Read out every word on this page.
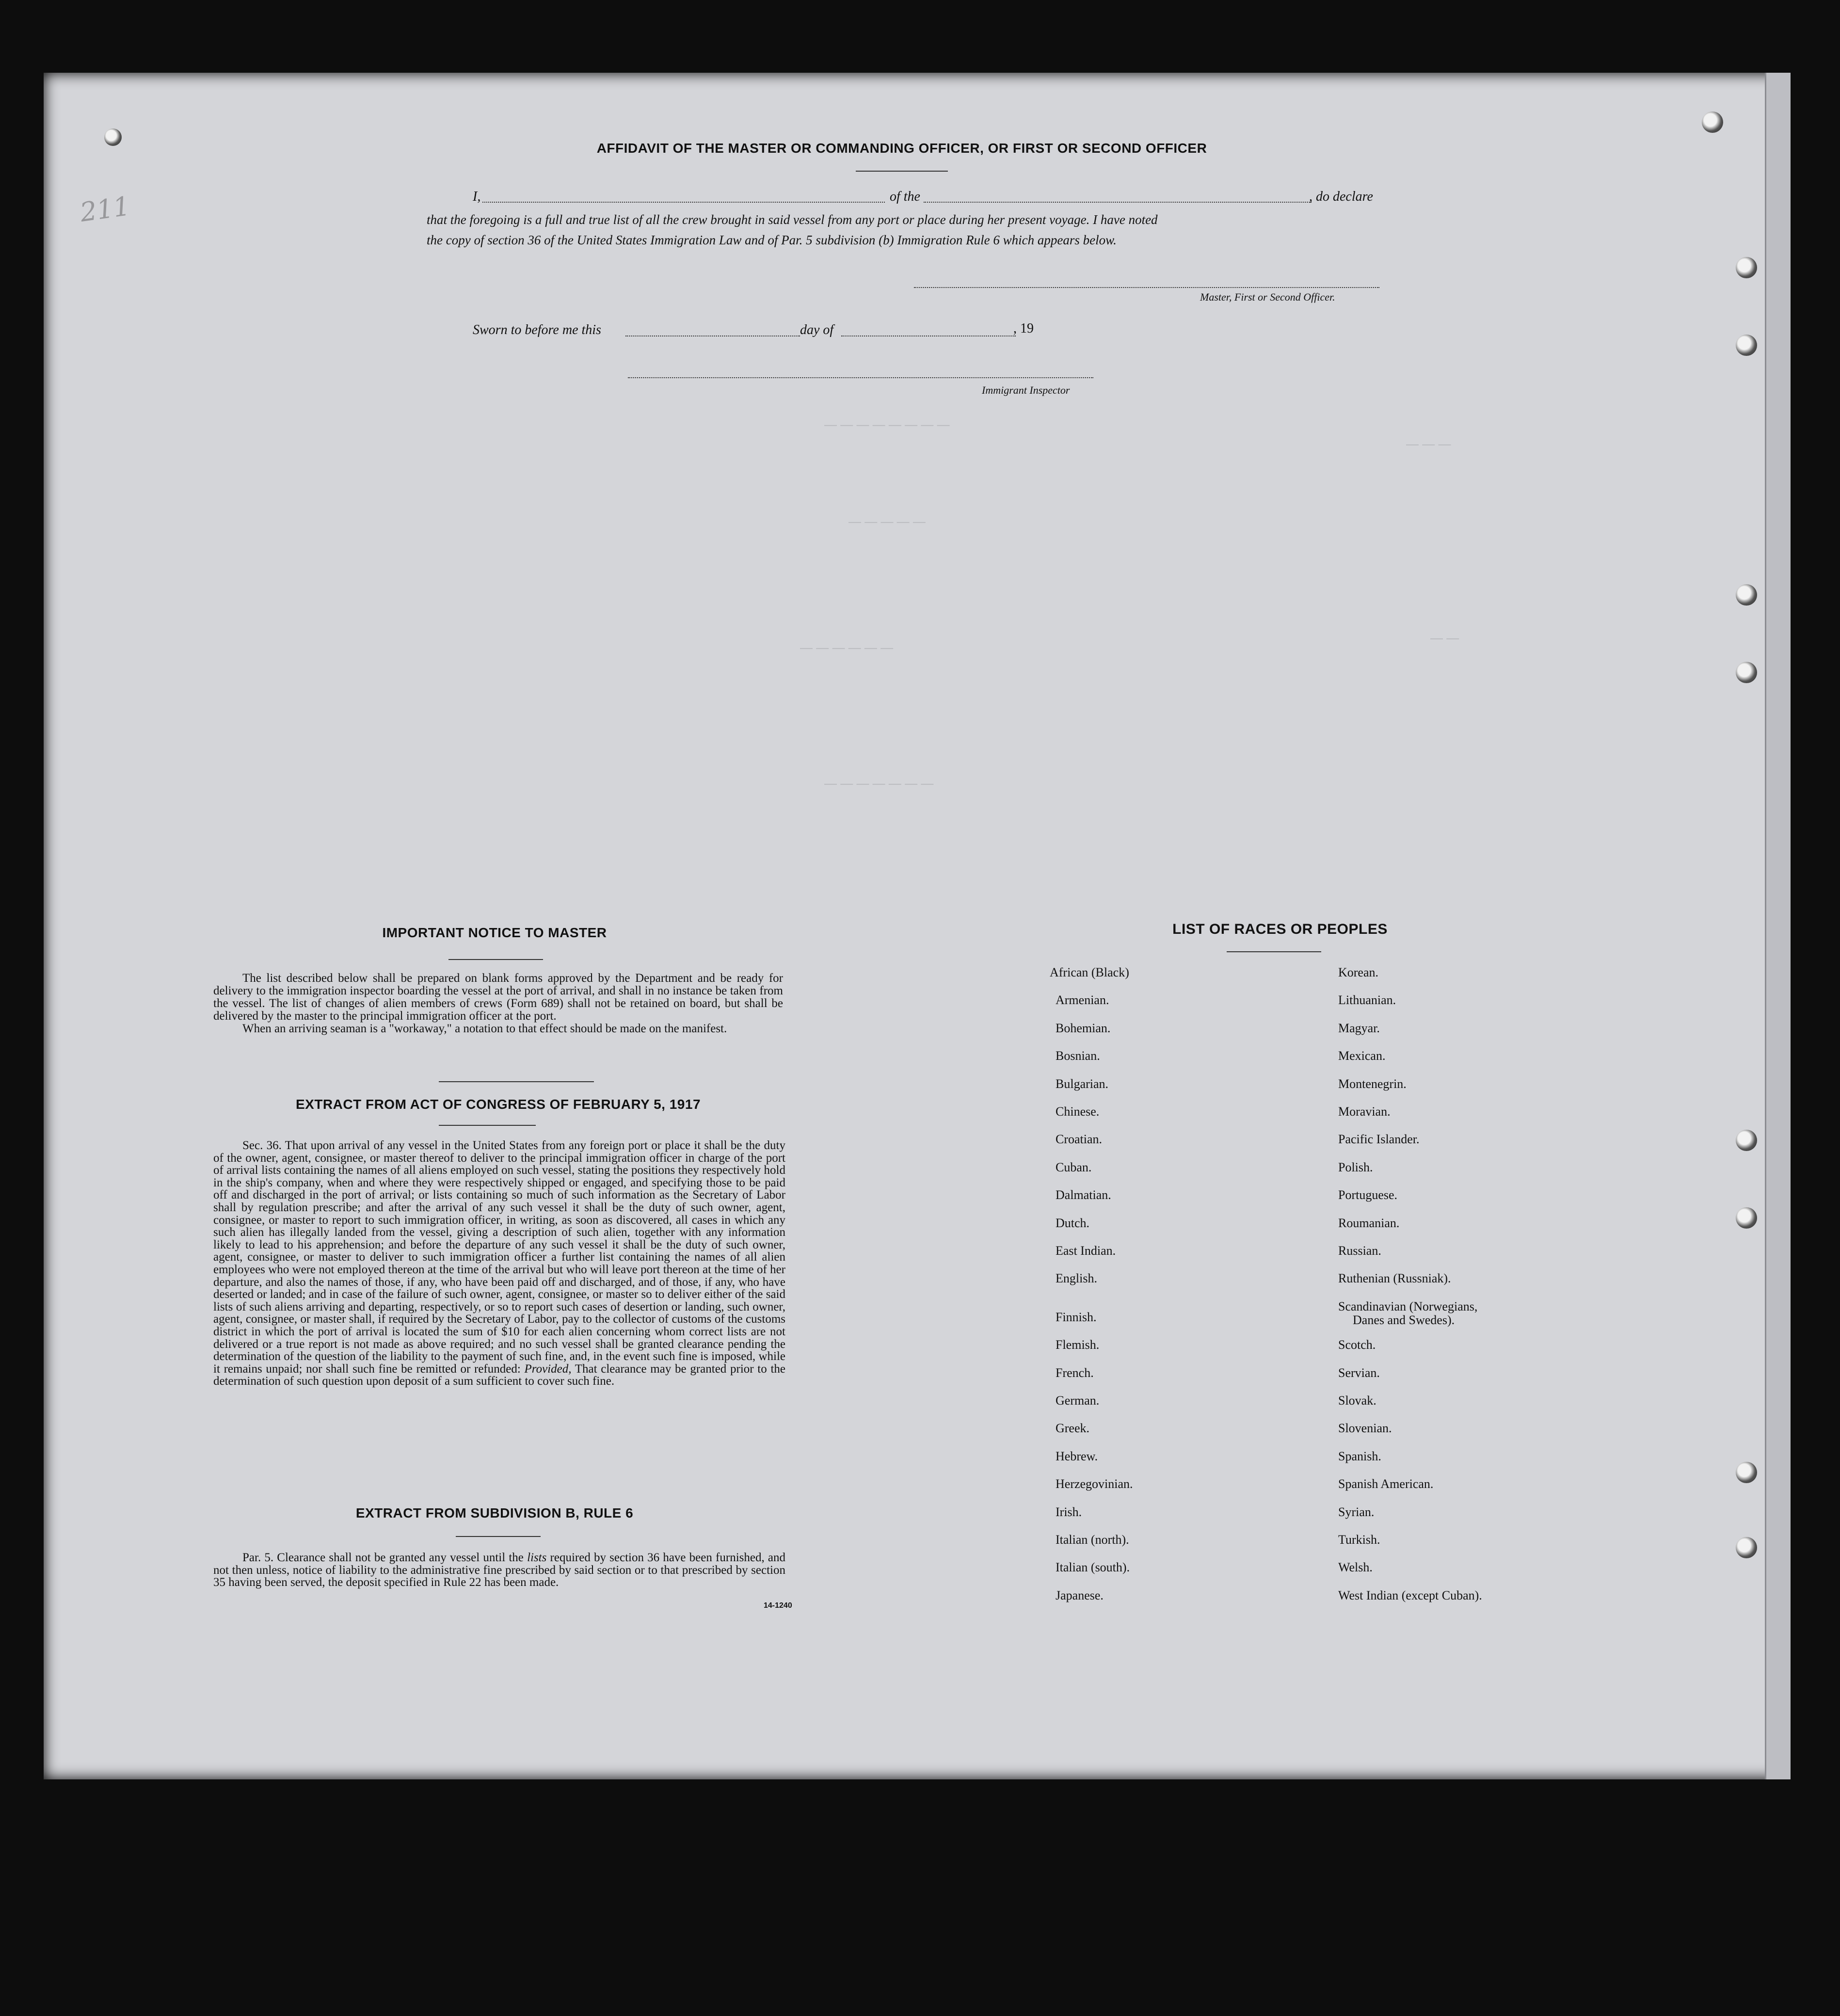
211
AFFIDAVIT OF THE MASTER OR COMMANDING OFFICER, OR FIRST OR SECOND OFFICER
I,	of the	, do declare
that the foregoing is a full and true list of all the crew brought in said vessel from any port or place during her present voyage. I have noted
the copy of section 36 of the United States Immigration Law and of Par. 5 subdivision (b) Immigration Rule 6 which appears below.
Master, First or Second Officer.
Sworn to before me this	day of	, 19
Immigrant Inspector
— — — — — — — —
— — — — —
— — — — — —
— — — — — — —
— — —
— —
IMPORTANT NOTICE TO MASTER

The list described below shall be prepared on blank forms approved by the Department and be ready for delivery to the immigration inspector boarding the vessel at the port of arrival, and shall in no instance be taken from the vessel. The list of changes of alien members of crews (Form 689) shall not be retained on board, but shall be delivered by the master to the principal immigration officer at the port.

When an arriving seaman is a "workaway," a notation to that effect should be made on the manifest.

EXTRACT FROM ACT OF CONGRESS OF FEBRUARY 5, 1917

Sec. 36. That upon arrival of any vessel in the United States from any foreign port or place it shall be the duty of the owner, agent, consignee, or master thereof to deliver to the principal immigration officer in charge of the port of arrival lists containing the names of all aliens employed on such vessel, stating the positions they respectively hold in the ship's company, when and where they were respectively shipped or engaged, and specifying those to be paid off and discharged in the port of arrival; or lists containing so much of such information as the Secretary of Labor shall by regulation prescribe; and after the arrival of any such vessel it shall be the duty of such owner, agent, consignee, or master to report to such immigration officer, in writing, as soon as discovered, all cases in which any such alien has illegally landed from the vessel, giving a description of such alien, together with any information likely to lead to his apprehension; and before the departure of any such vessel it shall be the duty of such owner, agent, consignee, or master to deliver to such immigration officer a further list containing the names of all alien employees who were not employed thereon at the time of the arrival but who will leave port thereon at the time of her departure, and also the names of those, if any, who have been paid off and discharged, and of those, if any, who have deserted or landed; and in case of the failure of such owner, agent, consignee, or master so to deliver either of the said lists of such aliens arriving and departing, respectively, or so to report such cases of desertion or landing, such owner, agent, consignee, or master shall, if required by the Secretary of Labor, pay to the collector of customs of the customs district in which the port of arrival is located the sum of $10 for each alien concerning whom correct lists are not delivered or a true report is not made as above required; and no such vessel shall be granted clearance pending the determination of the question of the liability to the payment of such fine, and, in the event such fine is imposed, while it remains unpaid; nor shall such fine be remitted or refunded: Provided, That clearance may be granted prior to the determination of such question upon deposit of a sum sufficient to cover such fine.

EXTRACT FROM SUBDIVISION B, RULE 6

Par. 5. Clearance shall not be granted any vessel until the lists required by section 36 have been furnished, and not then unless, notice of liability to the administrative fine prescribed by said section or to that prescribed by section 35 having been served, the deposit specified in Rule 22 has been made.

14-1240
LIST OF RACES OR PEOPLES
African (Black)
Armenian.
Bohemian.
Bosnian.
Bulgarian.
Chinese.
Croatian.
Cuban.
Dalmatian.
Dutch.
East Indian.
English.
Finnish.
Flemish.
French.
German.
Greek.
Hebrew.
Herzegovinian.
Irish.
Italian (north).
Italian (south).
Japanese.
Korean.
Lithuanian.
Magyar.
Mexican.
Montenegrin.
Moravian.
Pacific Islander.
Polish.
Portuguese.
Roumanian.
Russian.
Ruthenian (Russniak).
Scandinavian (Norwegians,
Danes and Swedes).
Scotch.
Servian.
Slovak.
Slovenian.
Spanish.
Spanish American.
Syrian.
Turkish.
Welsh.
West Indian (except Cuban).
